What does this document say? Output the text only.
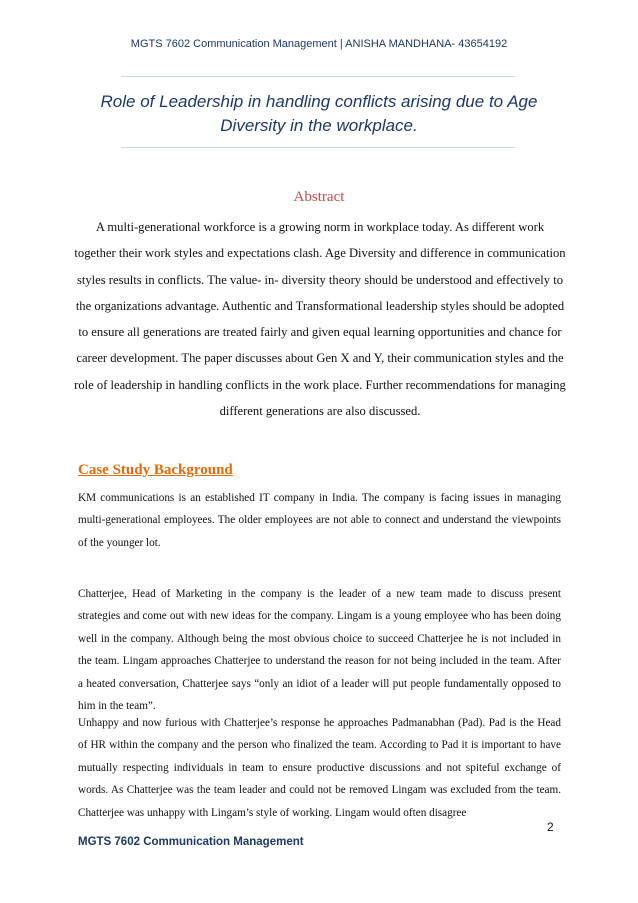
MGTS 7602 Communication Management | ANISHA MANDHANA- 43654192
Role of Leadership in handling conflicts arising due to Age Diversity in the workplace.
Abstract
A multi-generational workforce is a growing norm in workplace today. As different work together their work styles and expectations clash. Age Diversity and difference in communication styles results in conflicts. The value- in- diversity theory should be understood and effectively to the organizations advantage. Authentic and Transformational leadership styles should be adopted to ensure all generations are treated fairly and given equal learning opportunities and chance for career development. The paper discusses about Gen X and Y, their communication styles and the role of leadership in handling conflicts in the work place. Further recommendations for managing different generations are also discussed.
Case Study Background
KM communications is an established IT company in India. The company is facing issues in managing multi-generational employees. The older employees are not able to connect and understand the viewpoints of the younger lot.
Chatterjee, Head of Marketing in the company is the leader of a new team made to discuss present strategies and come out with new ideas for the company. Lingam is a young employee who has been doing well in the company. Although being the most obvious choice to succeed Chatterjee he is not included in the team. Lingam approaches Chatterjee to understand the reason for not being included in the team. After a heated conversation, Chatterjee says “only an idiot of a leader will put people fundamentally opposed to him in the team”.
Unhappy and now furious with Chatterjee’s response he approaches Padmanabhan (Pad). Pad is the Head of HR within the company and the person who finalized the team. According to Pad it is important to have mutually respecting individuals in team to ensure productive discussions and not spiteful exchange of words. As Chatterjee was the team leader and could not be removed Lingam was excluded from the team. Chatterjee was unhappy with Lingam’s style of working. Lingam would often disagree
2
MGTS 7602 Communication Management
